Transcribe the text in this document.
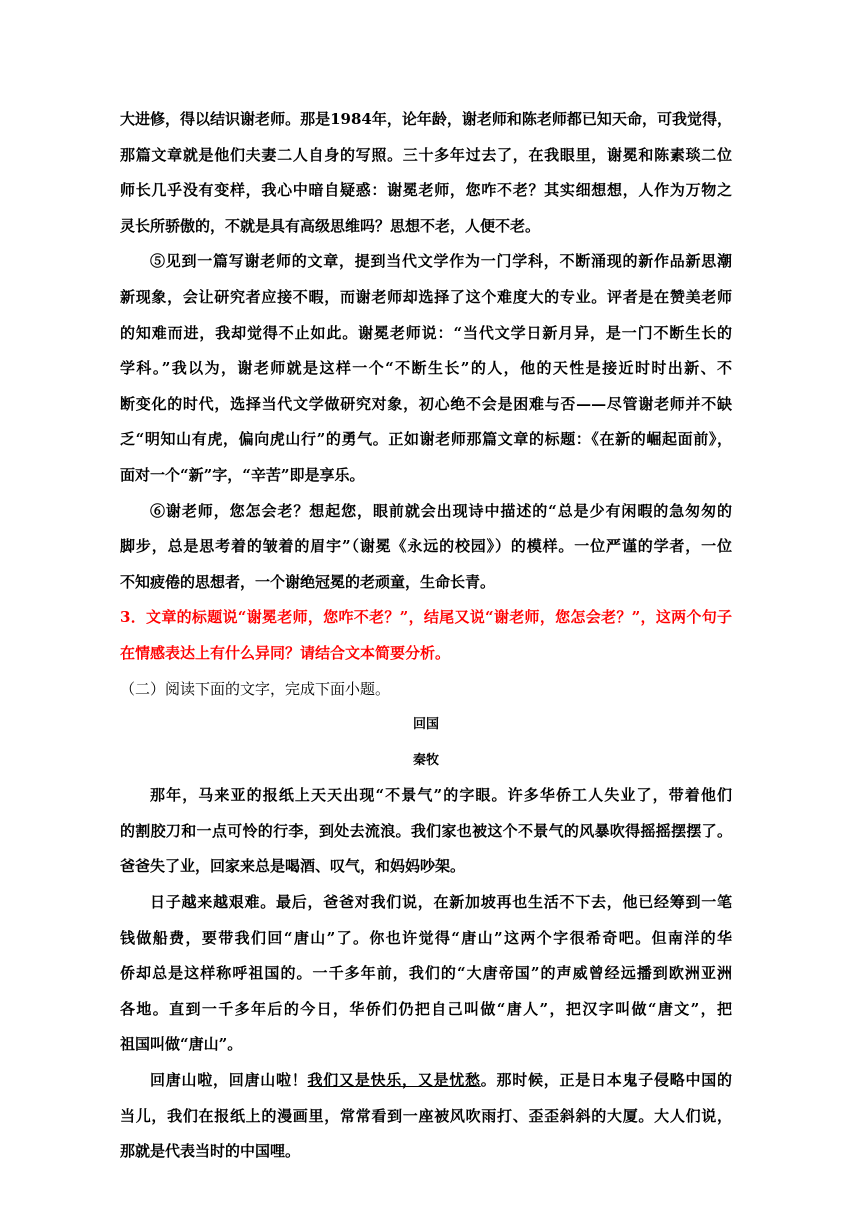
大进修，得以结识谢老师。那是1984年，论年龄，谢老师和陈老师都已知天命，可我觉得，

那篇文章就是他们夫妻二人自身的写照。三十多年过去了，在我眼里，谢冕和陈素琰二位

师长几乎没有变样，我心中暗自疑惑：谢冕老师，您咋不老？其实细想想，人作为万物之

灵长所骄傲的，不就是具有高级思维吗？思想不老，人便不老。

⑤见到一篇写谢老师的文章，提到当代文学作为一门学科，不断涌现的新作品新思潮

新现象，会让研究者应接不暇，而谢老师却选择了这个难度大的专业。评者是在赞美老师

的知难而进，我却觉得不止如此。谢冕老师说：“当代文学日新月异，是一门不断生长的

学科。”我以为，谢老师就是这样一个“不断生长”的人，他的天性是接近时时出新、不

断变化的时代，选择当代文学做研究对象，初心绝不会是困难与否——尽管谢老师并不缺

乏“明知山有虎，偏向虎山行”的勇气。正如谢老师那篇文章的标题：《在新的崛起面前》，

面对一个“新”字，“辛苦”即是享乐。

⑥谢老师，您怎会老？想起您，眼前就会出现诗中描述的“总是少有闲暇的急匆匆的

脚步，总是思考着的皱着的眉宇”（谢冕《永远的校园》）的模样。一位严谨的学者，一位

不知疲倦的思想者，一个谢绝冠冕的老顽童，生命长青。

3．文章的标题说“谢冕老师，您咋不老？”，结尾又说“谢老师，您怎会老？”，这两个句子

在情感表达上有什么异同？请结合文本简要分析。

（二）阅读下面的文字，完成下面小题。

回国

秦牧

那年，马来亚的报纸上天天出现“不景气”的字眼。许多华侨工人失业了，带着他们

的割胶刀和一点可怜的行李，到处去流浪。我们家也被这个不景气的风暴吹得摇摇摆摆了。

爸爸失了业，回家来总是喝酒、叹气，和妈妈吵架。

日子越来越艰难。最后，爸爸对我们说，在新加坡再也生活不下去，他已经筹到一笔

钱做船费，要带我们回“唐山”了。你也许觉得“唐山”这两个字很希奇吧。但南洋的华

侨却总是这样称呼祖国的。一千多年前，我们的“大唐帝国”的声威曾经远播到欧洲亚洲

各地。直到一千多年后的今日，华侨们仍把自己叫做“唐人”，把汉字叫做“唐文”，把

祖国叫做“唐山”。

回唐山啦，回唐山啦！我们又是快乐，又是忧愁。那时候，正是日本鬼子侵略中国的

当儿，我们在报纸上的漫画里，常常看到一座被风吹雨打、歪歪斜斜的大厦。大人们说，

那就是代表当时的中国哩。
